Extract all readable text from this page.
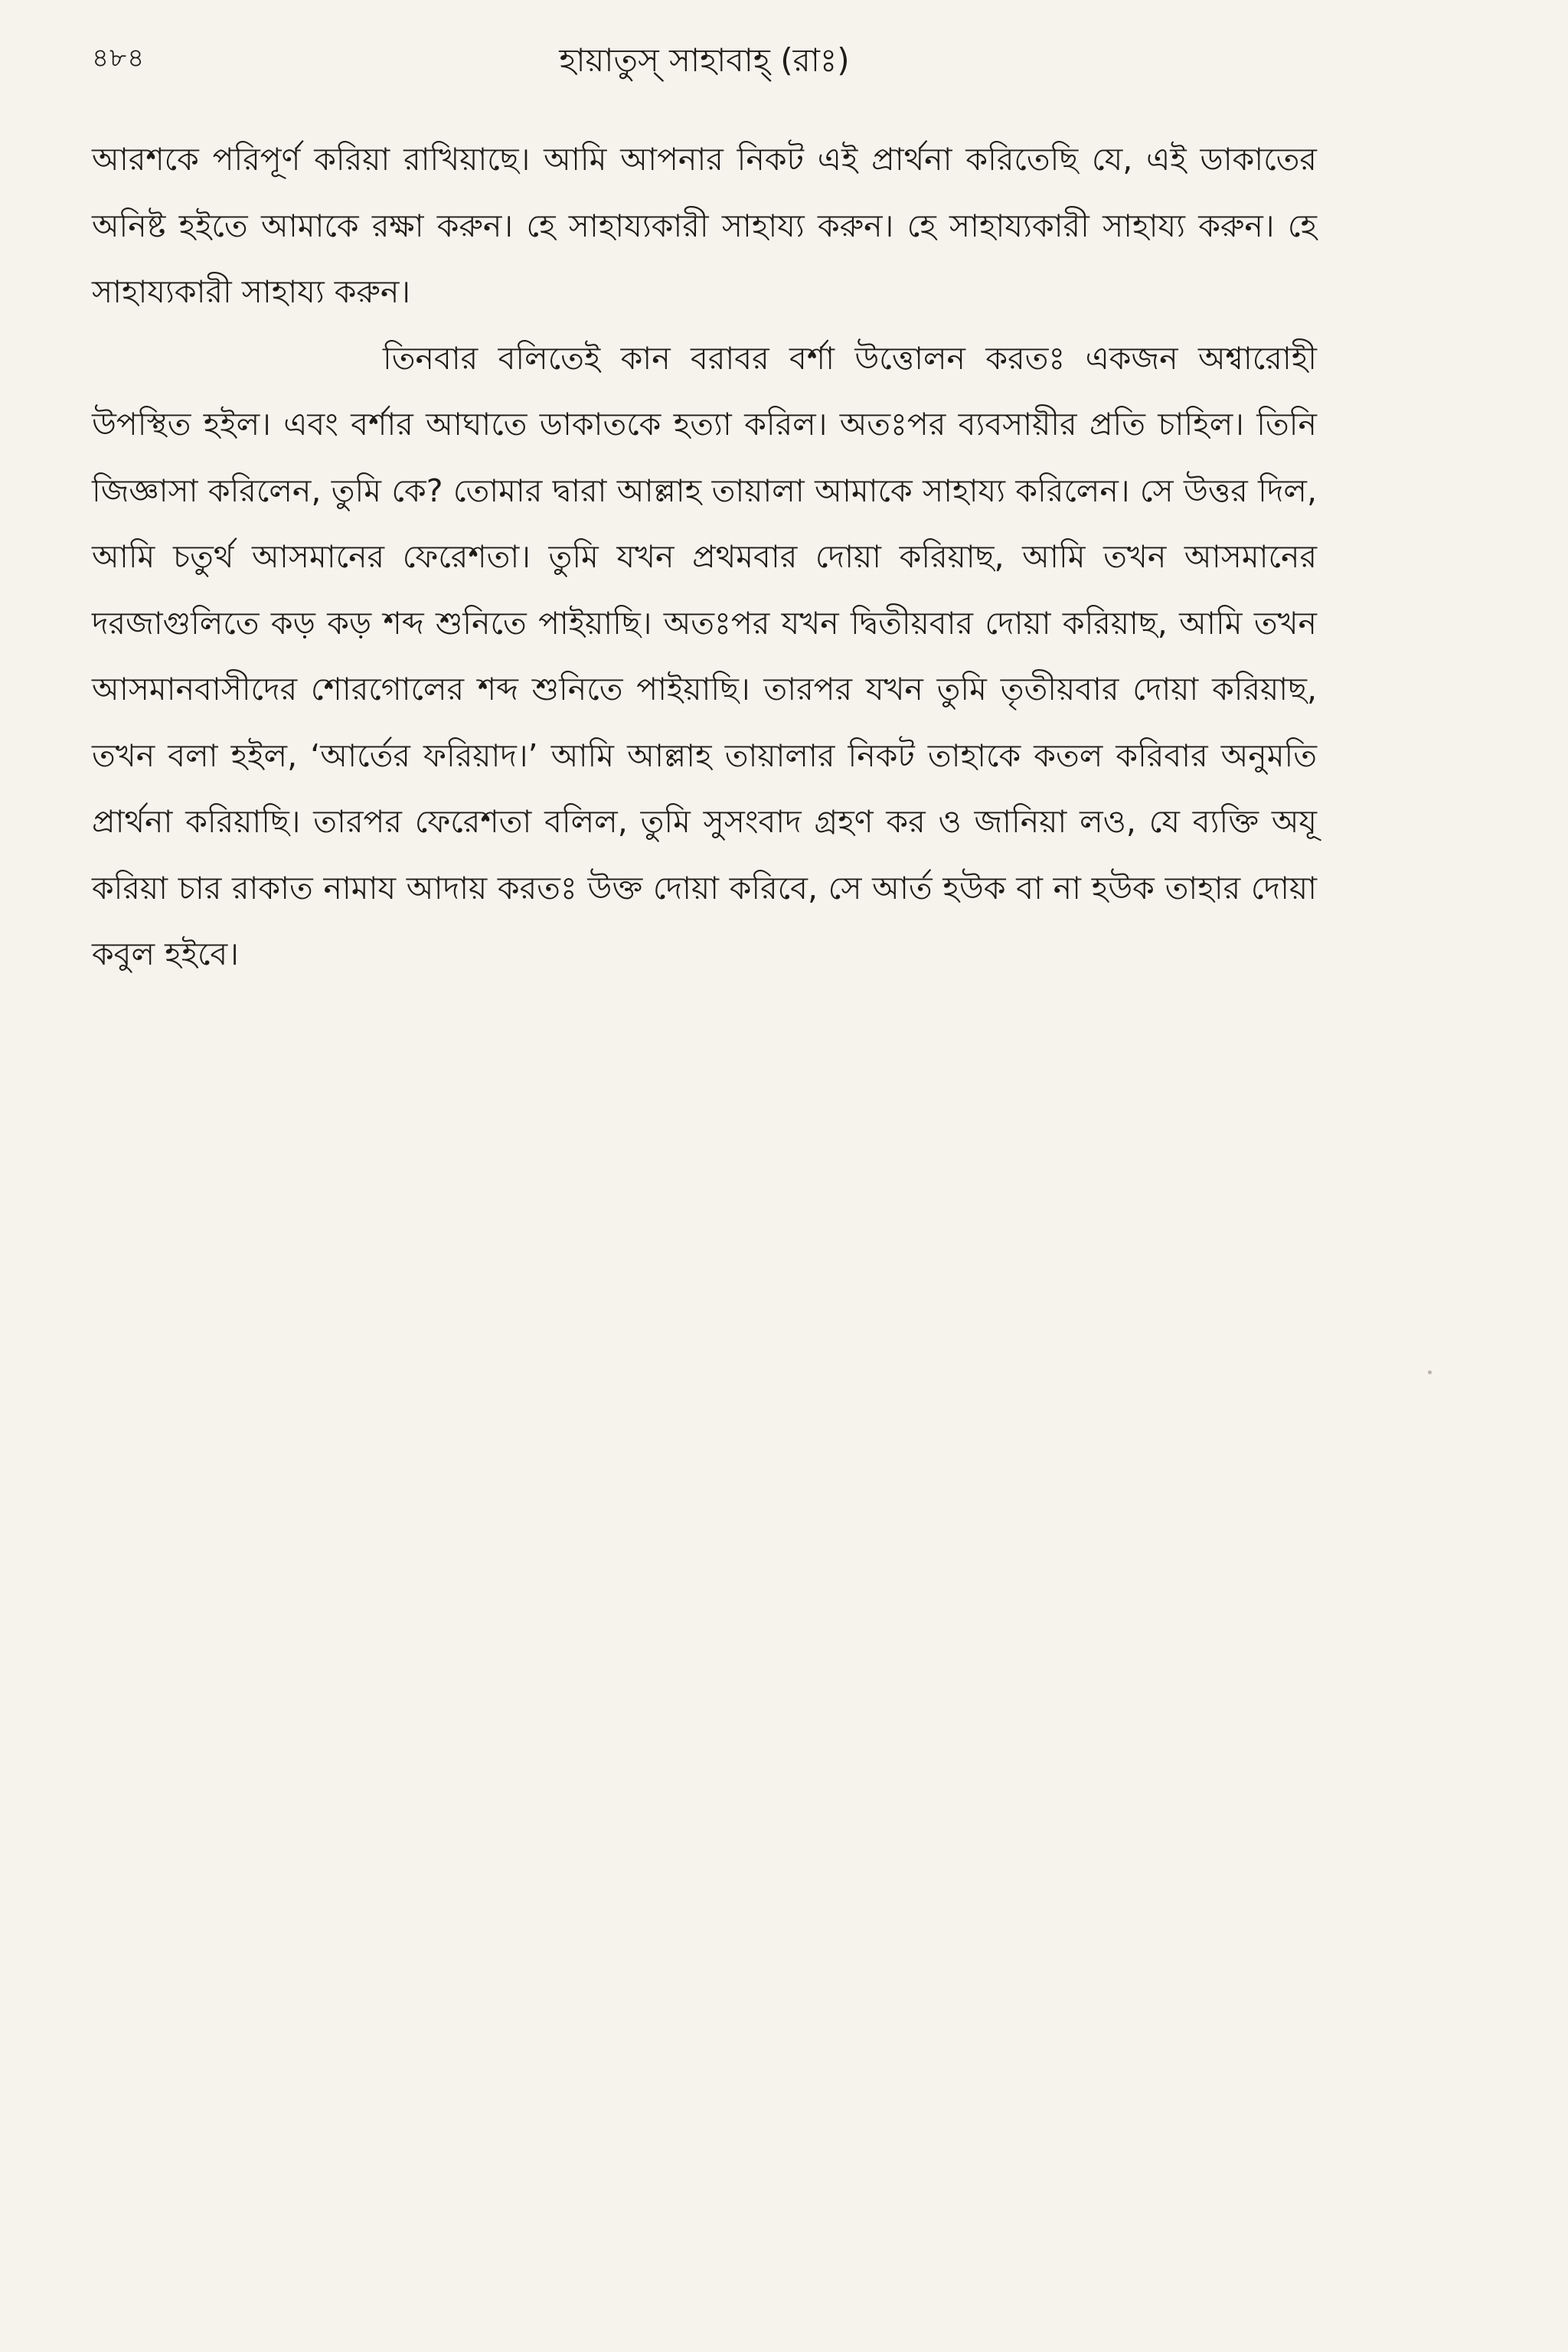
৪৮৪	হায়াতুস্ সাহাবাহ্ (রাঃ)

আরশকে পরিপূর্ণ করিয়া রাখিয়াছে। আমি আপনার নিকট এই প্রার্থনা করিতেছি যে, এই ডাকাতের অনিষ্ট হইতে আমাকে রক্ষা করুন। হে সাহায্যকারী সাহায্য করুন। হে সাহায্যকারী সাহায্য করুন। হে সাহায্যকারী সাহায্য করুন।

তিনবার বলিতেই কান বরাবর বর্শা উত্তোলন করতঃ একজন অশ্বারোহী উপস্থিত হইল। এবং বর্শার আঘাতে ডাকাতকে হত্যা করিল। অতঃপর ব্যবসায়ীর প্রতি চাহিল। তিনি জিজ্ঞাসা করিলেন, তুমি কে? তোমার দ্বারা আল্লাহ তায়ালা আমাকে সাহায্য করিলেন। সে উত্তর দিল, আমি চতুর্থ আসমানের ফেরেশতা। তুমি যখন প্রথমবার দোয়া করিয়াছ, আমি তখন আসমানের দরজাগুলিতে কড় কড় শব্দ শুনিতে পাইয়াছি। অতঃপর যখন দ্বিতীয়বার দোয়া করিয়াছ, আমি তখন আসমানবাসীদের শোরগোলের শব্দ শুনিতে পাইয়াছি। তারপর যখন তুমি তৃতীয়বার দোয়া করিয়াছ, তখন বলা হইল, ‘আর্তের ফরিয়াদ।’ আমি আল্লাহ তায়ালার নিকট তাহাকে কতল করিবার অনুমতি প্রার্থনা করিয়াছি। তারপর ফেরেশতা বলিল, তুমি সুসংবাদ গ্রহণ কর ও জানিয়া লও, যে ব্যক্তি অযূ করিয়া চার রাকাত নামায আদায় করতঃ উক্ত দোয়া করিবে, সে আর্ত হউক বা না হউক তাহার দোয়া কবুল হইবে।
